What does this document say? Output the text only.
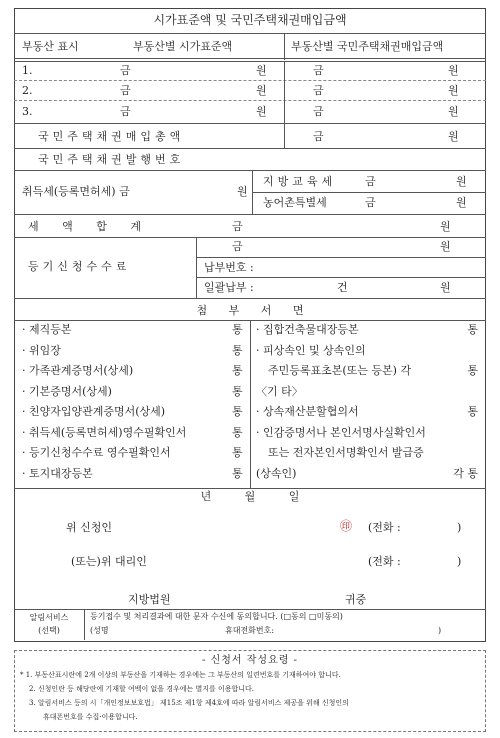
시가표준액 및 국민주택채권매입금액
부동산 표시	부동산별 시가표준액	부동산별 국민주택채권매입금액
1.	금	원	금	원
2.	금	원	금	원
3.	금	원	금	원
국민주택채권매입총액	금	원
국민주택채권발행번호
취득세(등록면허세) 금	원
지방교육세	금	원
농어촌특별세	금	원
세 액 합 계	금	원
등기신청수수료
금	원
납부번호 :
일괄납부 :	건	원
첨 부 서 면
· 제직등본	통
· 위임장	통
· 가족관계증명서(상세)	통
· 기본증명서(상세)	통
· 친양자입양관계증명서(상세)	통
· 취득세(등록면허세)영수필확인서	통
· 등기신청수수료 영수필확인서	통
· 토지대장등본	통
· 집합건축물대장등본	통
· 피상속인 및 상속인의
주민등록표초본(또는 등본) 각	통
〈기 타〉
· 상속재산분할협의서	통
· 인감증명서나 본인서명사실확인서
또는 전자본인서명확인서 발급증
(상속인)	각 통
년 월 일
위 신청인	㊞ (전화 :	)
(또는)위 대리인	(전화 :	)
지방법원	귀중
알림서비스
(선택)
등기접수 및 처리결과에 대한 문자 수신에 동의합니다. (□동의 □미동의)
(성명	휴대전화번호:	)
- 신청서 작성요령 -
* 1. 부동산표시란에 2개 이상의 부동산을 기재하는 경우에는 그 부동산의 일련번호를 기재하여야 합니다.
2. 신청인란 등 해당란에 기재할 여백이 없을 경우에는 별지를 이용합니다.
3. 알림서비스 등의 시「개인정보보호법」 제15조 제1항 제4호에 따라 알림서비스 제공을 위해 신청인의
휴대폰번호를 수집·이용합니다.
